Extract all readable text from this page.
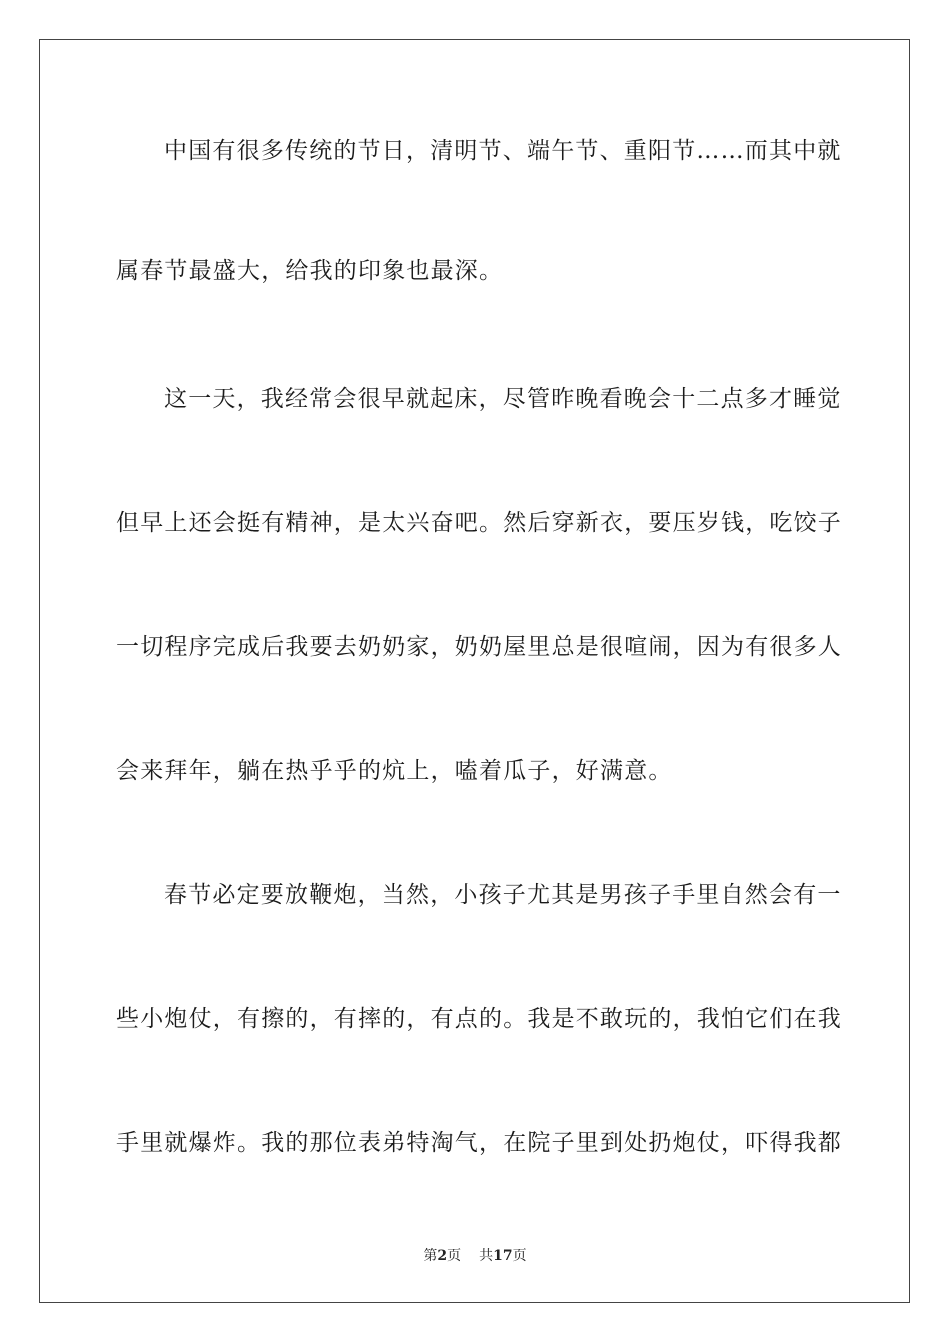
中国有很多传统的节日，清明节、端午节、重阳节……而其中就
属春节最盛大，给我的印象也最深。
这一天，我经常会很早就起床，尽管昨晚看晚会十二点多才睡觉
但早上还会挺有精神，是太兴奋吧。然后穿新衣，要压岁钱，吃饺子
一切程序完成后我要去奶奶家，奶奶屋里总是很喧闹，因为有很多人
会来拜年，躺在热乎乎的炕上，嗑着瓜子，好满意。
春节必定要放鞭炮，当然，小孩子尤其是男孩子手里自然会有一
些小炮仗，有擦的，有摔的，有点的。我是不敢玩的，我怕它们在我
手里就爆炸。我的那位表弟特淘气，在院子里到处扔炮仗，吓得我都
第2页 共17页
